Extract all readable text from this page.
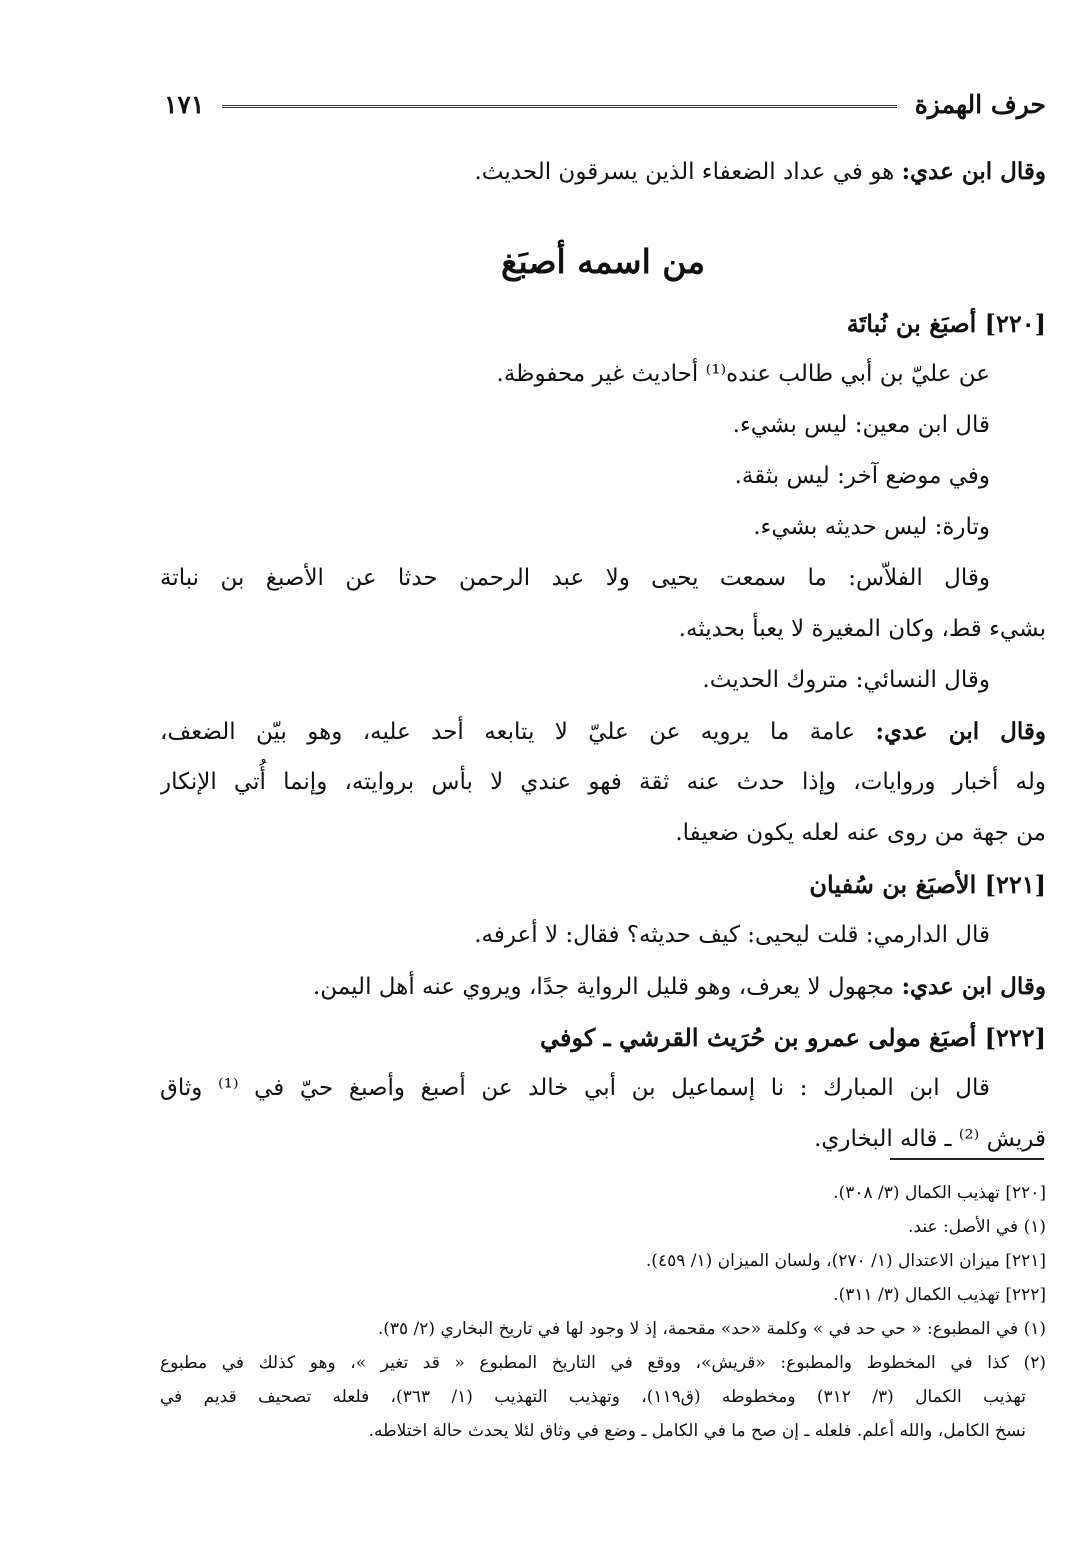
حرف الهمزة
١٧١
وقال ابن عدي: هو في عداد الضعفاء الذين يسرقون الحديث.
من اسمه أصبَغ
[٢٢٠] أصبَغ بن نُباتَة
عن عليّ بن أبي طالب عنده⁽¹⁾ أحاديث غير محفوظة.
قال ابن معين: ليس بشيء.
وفي موضع آخر: ليس بثقة.
وتارة: ليس حديثه بشيء.
وقال الفلاّس: ما سمعت يحيى ولا عبد الرحمن حدثا عن الأصبغ بن نباتة
بشيء قط، وكان المغيرة لا يعبأ بحديثه.
وقال النسائي: متروك الحديث.
وقال ابن عدي: عامة ما يرويه عن عليّ لا يتابعه أحد عليه، وهو بيّن الضعف،
وله أخبار وروايات، وإذا حدث عنه ثقة فهو عندي لا بأس بروايته، وإنما أُتي الإنكار
من جهة من روى عنه لعله يكون ضعيفا.
[٢٢١] الأصبَغ بن سُفيان
قال الدارمي: قلت ليحيى: كيف حديثه؟ فقال: لا أعرفه.
وقال ابن عدي: مجهول لا يعرف، وهو قليل الرواية جدًا، ويروي عنه أهل اليمن.
[٢٢٢] أصبَغ مولى عمرو بن حُرَيث القرشي ـ كوفي
قال ابن المبارك : نا إسماعيل بن أبي خالد عن أصبغ وأصبغ حيّ في ⁽¹⁾ وثاق
قريش ⁽²⁾ ـ قاله البخاري.
[٢٢٠] تهذيب الكمال (٣/ ٣٠٨).
(١) في الأصل: عند.
[٢٢١] ميزان الاعتدال (١/ ٢٧٠)، ولسان الميزان (١/ ٤٥٩).
[٢٢٢] تهذيب الكمال (٣/ ٣١١).
(١) في المطبوع: « حي حد في » وكلمة «حد» مقحمة، إذ لا وجود لها في تاريخ البخاري (٢/ ٣٥).
(٢) كذا في المخطوط والمطبوع: «قريش»، ووقع في التاريخ المطبوع « قد تغير »، وهو كذلك في مطبوع
تهذيب الكمال (٣/ ٣١٢) ومخطوطه (ق١١٩)، وتهذيب التهذيب (١/ ٣٦٣)، فلعله تصحيف قديم في
نسخ الكامل، والله أعلم. فلعله ـ إن صح ما في الكامل ـ وضع في وثاق لئلا يحدث حالة اختلاطه.
